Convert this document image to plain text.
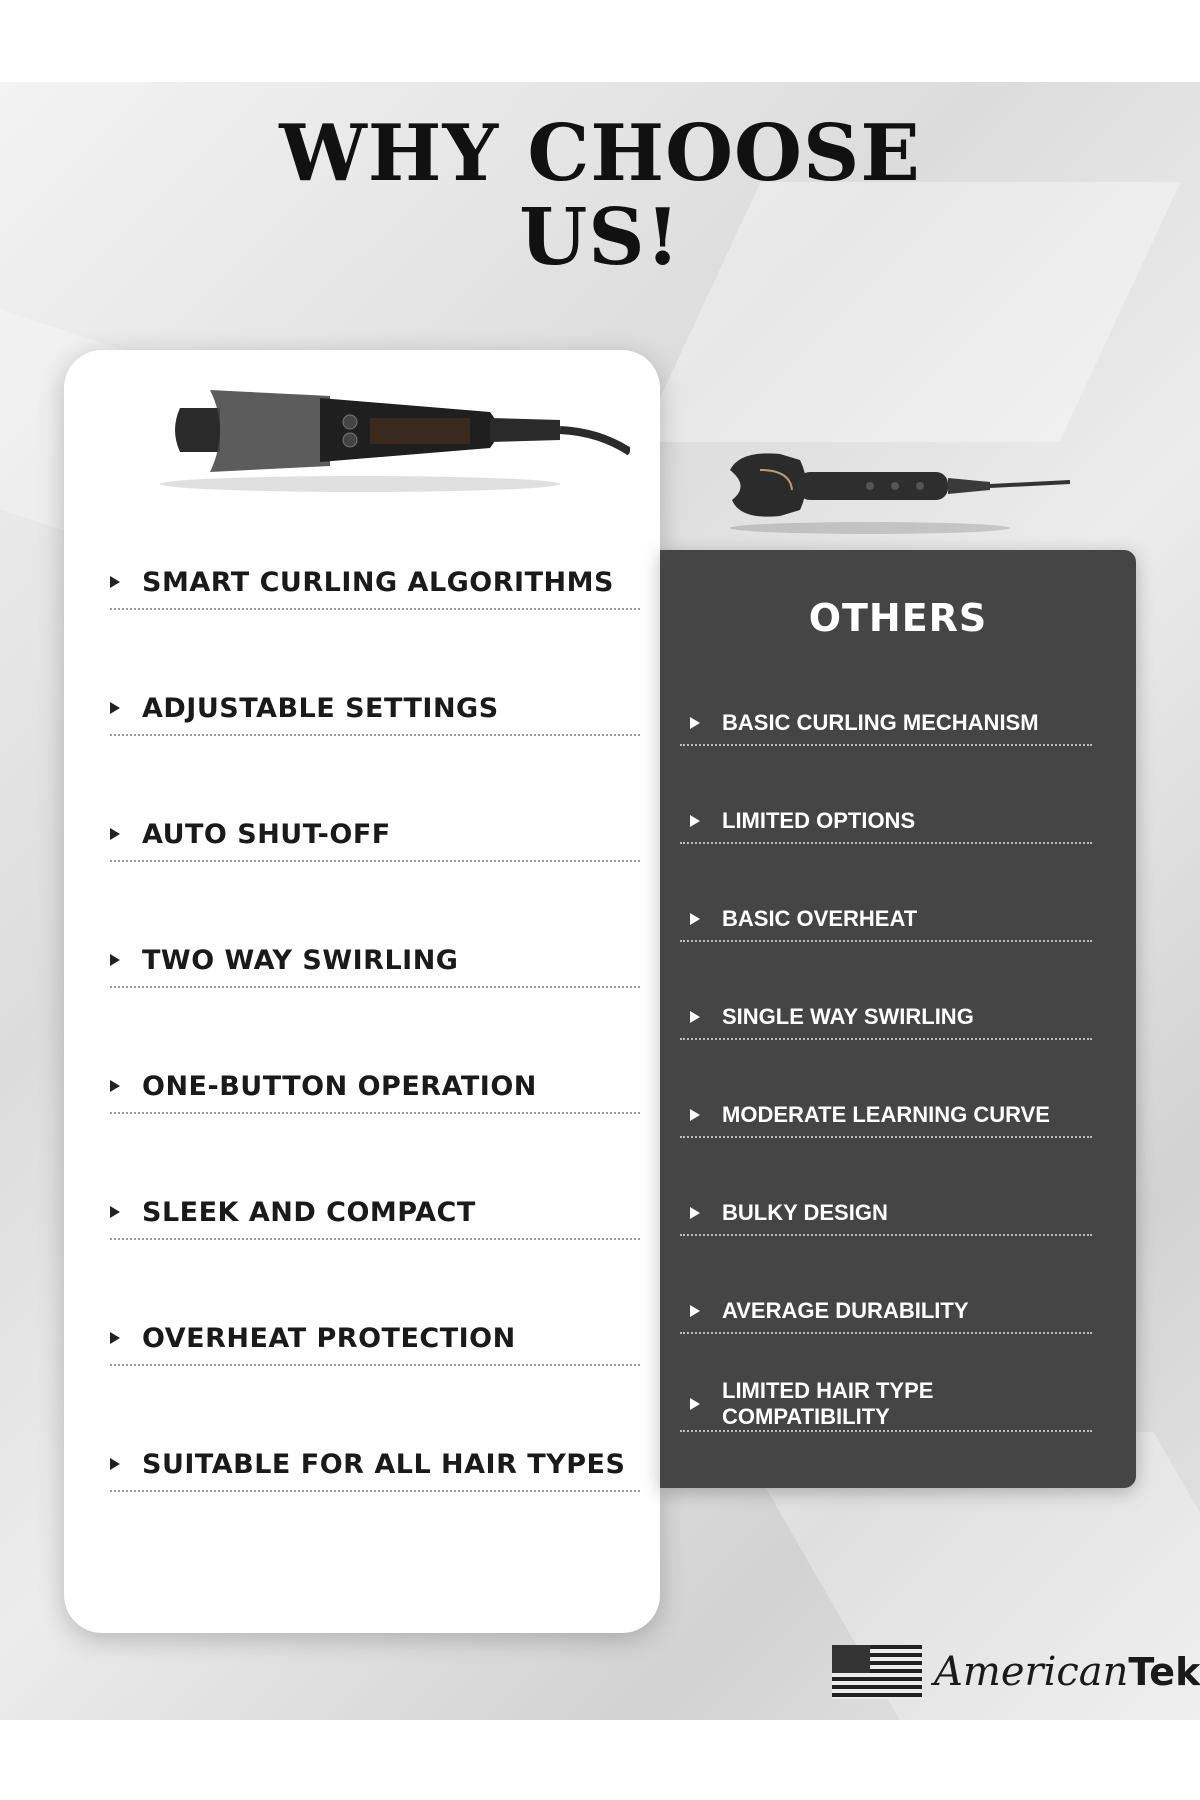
WHY CHOOSE
US!
SMART CURLING ALGORITHMS
ADJUSTABLE SETTINGS
AUTO SHUT-OFF
TWO WAY SWIRLING
ONE-BUTTON OPERATION
SLEEK AND COMPACT
OVERHEAT PROTECTION
SUITABLE FOR ALL HAIR TYPES
OTHERS
BASIC CURLING MECHANISM
LIMITED OPTIONS
BASIC OVERHEAT
SINGLE WAY SWIRLING
MODERATE LEARNING CURVE
BULKY DESIGN
AVERAGE DURABILITY
LIMITED HAIR TYPE COMPATIBILITY
AmericanTek
